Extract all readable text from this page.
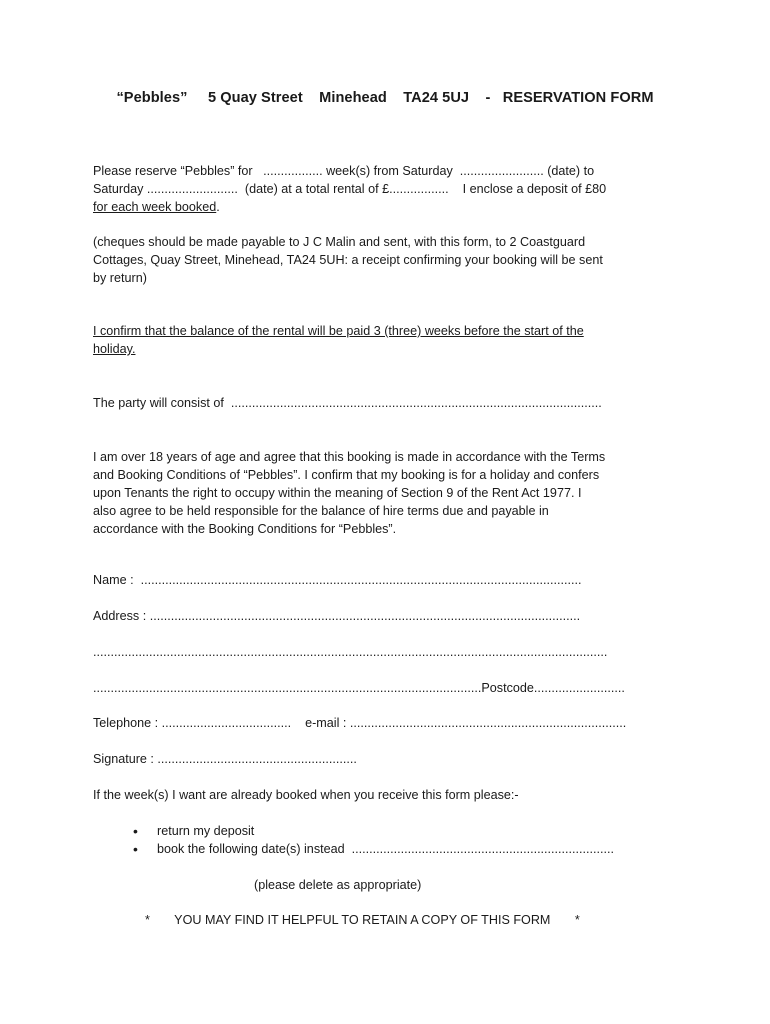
“Pebbles”     5 Quay Street    Minehead    TA24 5UJ    -   RESERVATION FORM
Please reserve “Pebbles” for   ................. week(s) from Saturday  ........................ (date) to
Saturday ..........................  (date) at a total rental of £.................    I enclose a deposit of £80
for each week booked.
(cheques should be made payable to J C Malin and sent, with this form, to 2 Coastguard
Cottages, Quay Street, Minehead, TA24 5UH: a receipt confirming your booking will be sent
by return)
I confirm that the balance of the rental will be paid 3 (three) weeks before the start of the
holiday.
The party will consist of  ..........................................................................................................
I am over 18 years of age and agree that this booking is made in accordance with the Terms
and Booking Conditions of “Pebbles”. I confirm that my booking is for a holiday and confers
upon Tenants the right to occupy within the meaning of Section 9 of the Rent Act 1977. I
also agree to be held responsible for the balance of hire terms due and payable in
accordance with the Booking Conditions for “Pebbles”.
Name :  ..............................................................................................................................
Address : ...........................................................................................................................
...................................................................................................................................................
...............................................................................................................Postcode..........................
Telephone : .....................................    e-mail : ...............................................................................
Signature : .........................................................
If the week(s) I want are already booked when you receive this form please:-
• return my deposit
• book the following date(s) instead  ...........................................................................
(please delete as appropriate)
*       YOU MAY FIND IT HELPFUL TO RETAIN A COPY OF THIS FORM       *
